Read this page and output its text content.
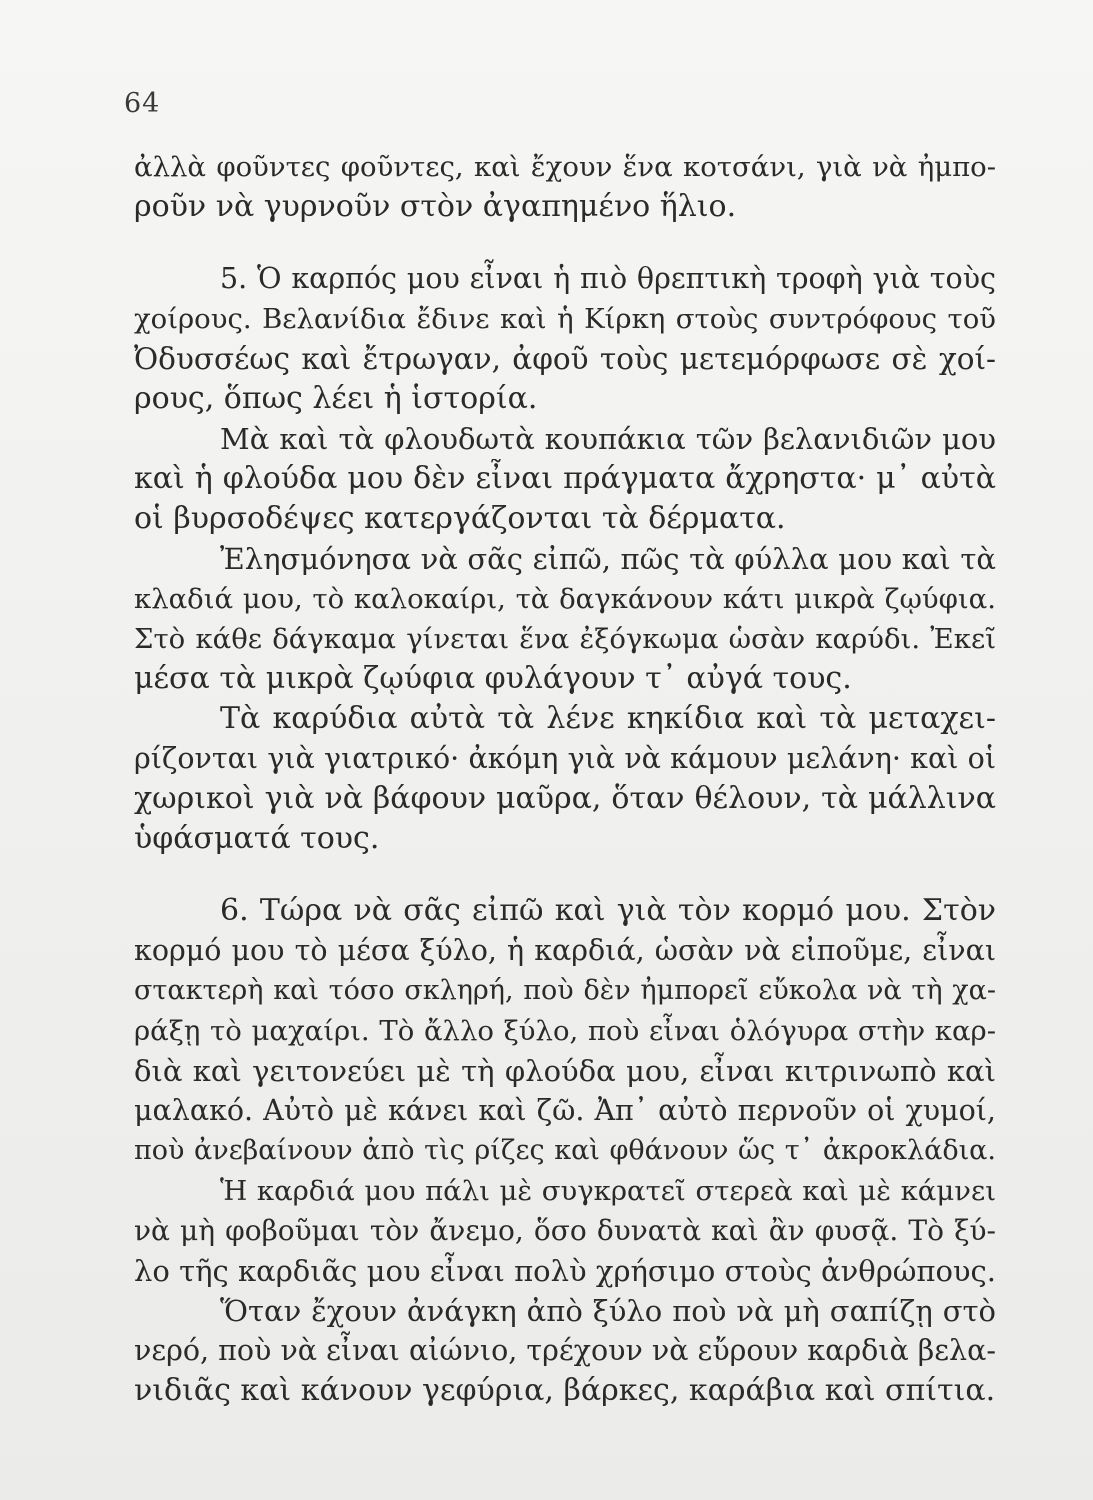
64
ἀλλὰ φοῦντες φοῦντες, καὶ ἔχουν ἕνα κοτσάνι, γιὰ νὰ ἠμπο-
ροῦν νὰ γυρνοῦν στὸν ἀγαπημένο ἥλιο.
5. Ὁ καρπός μου εἶναι ἡ πιὸ θρεπτικὴ τροφὴ γιὰ τοὺς
χοίρους. Βελανίδια ἔδινε καὶ ἡ Κίρκη στοὺς συντρόφους τοῦ
Ὀδυσσέως καὶ ἔτρωγαν, ἀφοῦ τοὺς μετεμόρφωσε σὲ χοί-
ρους, ὅπως λέει ἡ ἱστορία.
Μὰ καὶ τὰ φλουδωτὰ κουπάκια τῶν βελανιδιῶν μου
καὶ ἡ φλούδα μου δὲν εἶναι πράγματα ἄχρηστα· μ᾽ αὐτὰ
οἱ βυρσοδέψες κατεργάζονται τὰ δέρματα.
Ἐλησμόνησα νὰ σᾶς εἰπῶ, πῶς τὰ φύλλα μου καὶ τὰ
κλαδιά μου, τὸ καλοκαίρι, τὰ δαγκάνουν κάτι μικρὰ ζῳύφια.
Στὸ κάθε δάγκαμα γίνεται ἕνα ἐξόγκωμα ὡσὰν καρύδι. Ἐκεῖ
μέσα τὰ μικρὰ ζῳύφια φυλάγουν τ᾽ αὐγά τους.
Τὰ καρύδια αὐτὰ τὰ λένε κηκίδια καὶ τὰ μεταχει-
ρίζονται γιὰ γιατρικό· ἀκόμη γιὰ νὰ κάμουν μελάνη· καὶ οἱ
χωρικοὶ γιὰ νὰ βάφουν μαῦρα, ὅταν θέλουν, τὰ μάλλινα
ὑφάσματά τους.
6. Τώρα νὰ σᾶς εἰπῶ καὶ γιὰ τὸν κορμό μου. Στὸν
κορμό μου τὸ μέσα ξύλο, ἡ καρδιά, ὡσὰν νὰ εἰποῦμε, εἶναι
στακτερὴ καὶ τόσο σκληρή, ποὺ δὲν ἠμπορεῖ εὔκολα νὰ τὴ χα-
ράξῃ τὸ μαχαίρι. Τὸ ἄλλο ξύλο, ποὺ εἶναι ὁλόγυρα στὴν καρ-
διὰ καὶ γειτονεύει μὲ τὴ φλούδα μου, εἶναι κιτρινωπὸ καὶ
μαλακό. Αὐτὸ μὲ κάνει καὶ ζῶ. Ἀπ᾽ αὐτὸ περνοῦν οἱ χυμοί,
ποὺ ἀνεβαίνουν ἀπὸ τὶς ρίζες καὶ φθάνουν ὥς τ᾽ ἀκροκλάδια.
Ἡ καρδιά μου πάλι μὲ συγκρατεῖ στερεὰ καὶ μὲ κάμνει
νὰ μὴ φοβοῦμαι τὸν ἄνεμο, ὅσο δυνατὰ καὶ ἂν φυσᾷ. Τὸ ξύ-
λο τῆς καρδιᾶς μου εἶναι πολὺ χρήσιμο στοὺς ἀνθρώπους.
Ὅταν ἔχουν ἀνάγκη ἀπὸ ξύλο ποὺ νὰ μὴ σαπίζῃ στὸ
νερό, ποὺ νὰ εἶναι αἰώνιο, τρέχουν νὰ εὔρουν καρδιὰ βελα-
νιδιᾶς καὶ κάνουν γεφύρια, βάρκες, καράβια καὶ σπίτια.
